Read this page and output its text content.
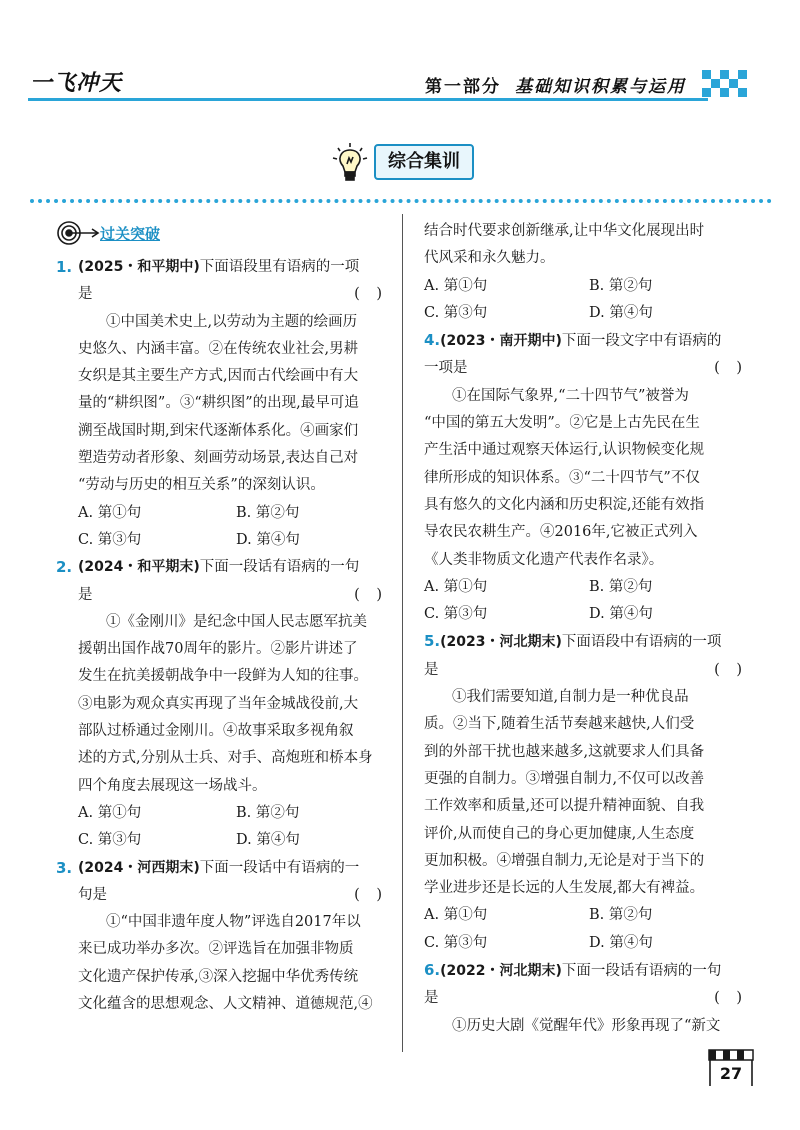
一飞冲天	第一部分 基础知识积累与运用
综合集训
过关突破
1. (2025・和平期中)下面语段里有语病的一项
是	( )
①中国美术史上,以劳动为主题的绘画历
史悠久、内涵丰富。②在传统农业社会,男耕
女织是其主要生产方式,因而古代绘画中有大
量的“耕织图”。③“耕织图”的出现,最早可追
溯至战国时期,到宋代逐渐体系化。④画家们
塑造劳动者形象、刻画劳动场景,表达自己对
“劳动与历史的相互关系”的深刻认识。
A. 第①句	B. 第②句
C. 第③句	D. 第④句
2. (2024・和平期末)下面一段话有语病的一句
是	( )
①《金刚川》是纪念中国人民志愿军抗美
援朝出国作战70周年的影片。②影片讲述了
发生在抗美援朝战争中一段鲜为人知的往事。
③电影为观众真实再现了当年金城战役前,大
部队过桥通过金刚川。④故事采取多视角叙
述的方式,分别从士兵、对手、高炮班和桥本身
四个角度去展现这一场战斗。
A. 第①句	B. 第②句
C. 第③句	D. 第④句
3. (2024・河西期末)下面一段话中有语病的一
句是	( )
①“中国非遗年度人物”评选自2017年以
来已成功举办多次。②评选旨在加强非物质
文化遗产保护传承,③深入挖掘中华优秀传统
文化蕴含的思想观念、人文精神、道德规范,④
结合时代要求创新继承,让中华文化展现出时
代风采和永久魅力。
A. 第①句	B. 第②句
C. 第③句	D. 第④句
4.(2023・南开期中)下面一段文字中有语病的
一项是	( )
①在国际气象界,“二十四节气”被誉为
“中国的第五大发明”。②它是上古先民在生
产生活中通过观察天体运行,认识物候变化规
律所形成的知识体系。③“二十四节气”不仅
具有悠久的文化内涵和历史积淀,还能有效指
导农民农耕生产。④2016年,它被正式列入
《人类非物质文化遗产代表作名录》。
A. 第①句	B. 第②句
C. 第③句	D. 第④句
5.(2023・河北期末)下面语段中有语病的一项
是	( )
①我们需要知道,自制力是一种优良品
质。②当下,随着生活节奏越来越快,人们受
到的外部干扰也越来越多,这就要求人们具备
更强的自制力。③增强自制力,不仅可以改善
工作效率和质量,还可以提升精神面貌、自我
评价,从而使自己的身心更加健康,人生态度
更加积极。④增强自制力,无论是对于当下的
学业进步还是长远的人生发展,都大有裨益。
A. 第①句	B. 第②句
C. 第③句	D. 第④句
6.(2022・河北期末)下面一段话有语病的一句
是	( )
①历史大剧《觉醒年代》形象再现了“新文
27
